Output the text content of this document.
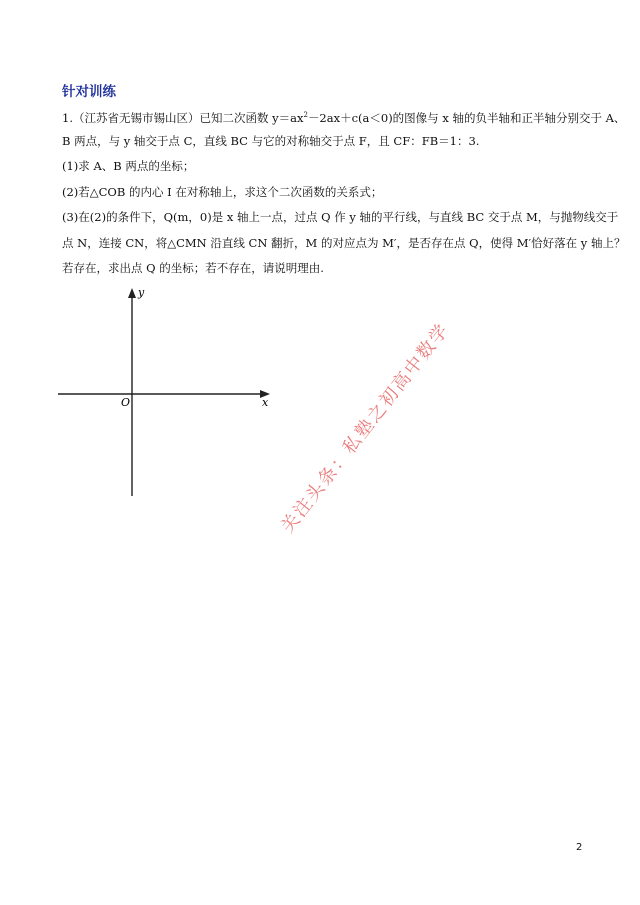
针对训练
1.（江苏省无锡市锡山区）已知二次函数 $y=ax^2-2ax+c(a<0)$的图像与 x 轴的负半轴和正半轴分别交于 A、
B 两点，与 y 轴交于点 C，直线 BC 与它的对称轴交于点 F，且 CF：FB＝1：3.
(1)求 A、B 两点的坐标；
(2)若△COB 的内心 I 在对称轴上，求这个二次函数的关系式；
(3)在(2)的条件下，Q(m，0)是 x 轴上一点，过点 Q 作 y 轴的平行线，与直线 BC 交于点 M，与抛物线交于
点 N，连接 CN，将△CMN 沿直线 CN 翻折，M 的对应点为 M′，是否存在点 Q，使得 M′恰好落在 y 轴上？
若存在，求出点 Q 的坐标；若不存在，请说明理由.
y
x
O	关注头条：私塾之初高中数学
2
